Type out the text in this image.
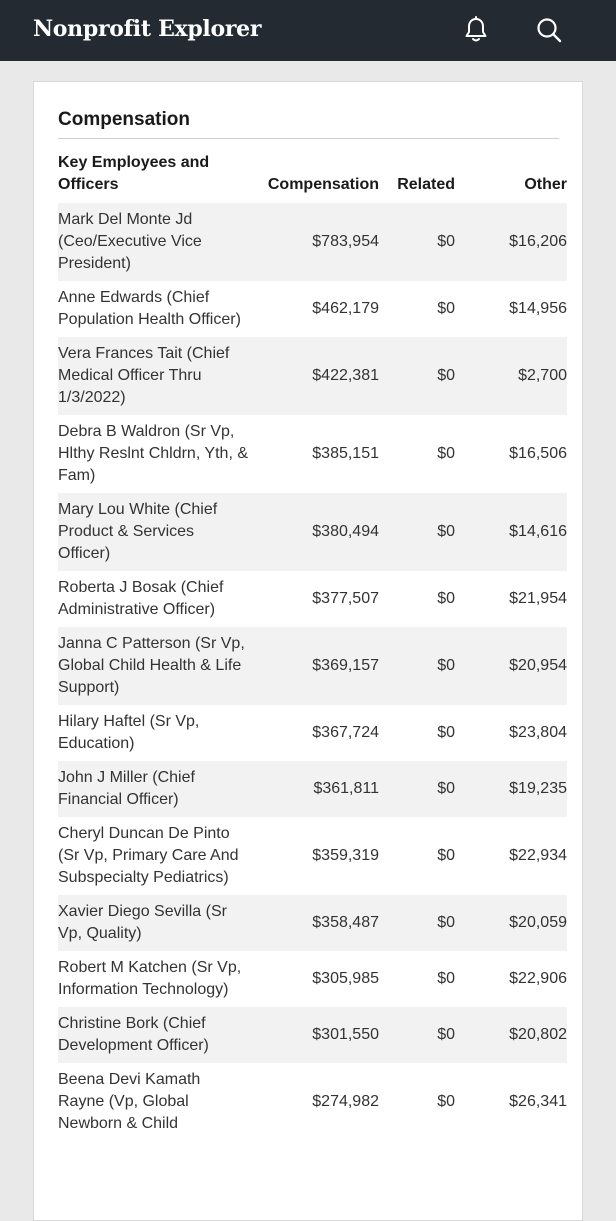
Nonprofit Explorer
Compensation
Key Employees and Officers	Compensation	Related	Other
Mark Del Monte Jd (Ceo/Executive Vice President)	$783,954	$0	$16,206
Anne Edwards (Chief Population Health Officer)	$462,179	$0	$14,956
Vera Frances Tait (Chief Medical Officer Thru 1/3/2022)	$422,381	$0	$2,700
Debra B Waldron (Sr Vp, Hlthy Reslnt Chldrn, Yth, & Fam)	$385,151	$0	$16,506
Mary Lou White (Chief Product & Services Officer)	$380,494	$0	$14,616
Roberta J Bosak (Chief Administrative Officer)	$377,507	$0	$21,954
Janna C Patterson (Sr Vp, Global Child Health & Life Support)	$369,157	$0	$20,954
Hilary Haftel (Sr Vp, Education)	$367,724	$0	$23,804
John J Miller (Chief Financial Officer)	$361,811	$0	$19,235
Cheryl Duncan De Pinto (Sr Vp, Primary Care And Subspecialty Pediatrics)	$359,319	$0	$22,934
Xavier Diego Sevilla (Sr Vp, Quality)	$358,487	$0	$20,059
Robert M Katchen (Sr Vp, Information Technology)	$305,985	$0	$22,906
Christine Bork (Chief Development Officer)	$301,550	$0	$20,802
Beena Devi Kamath Rayne (Vp, Global Newborn & Child	$274,982	$0	$26,341
